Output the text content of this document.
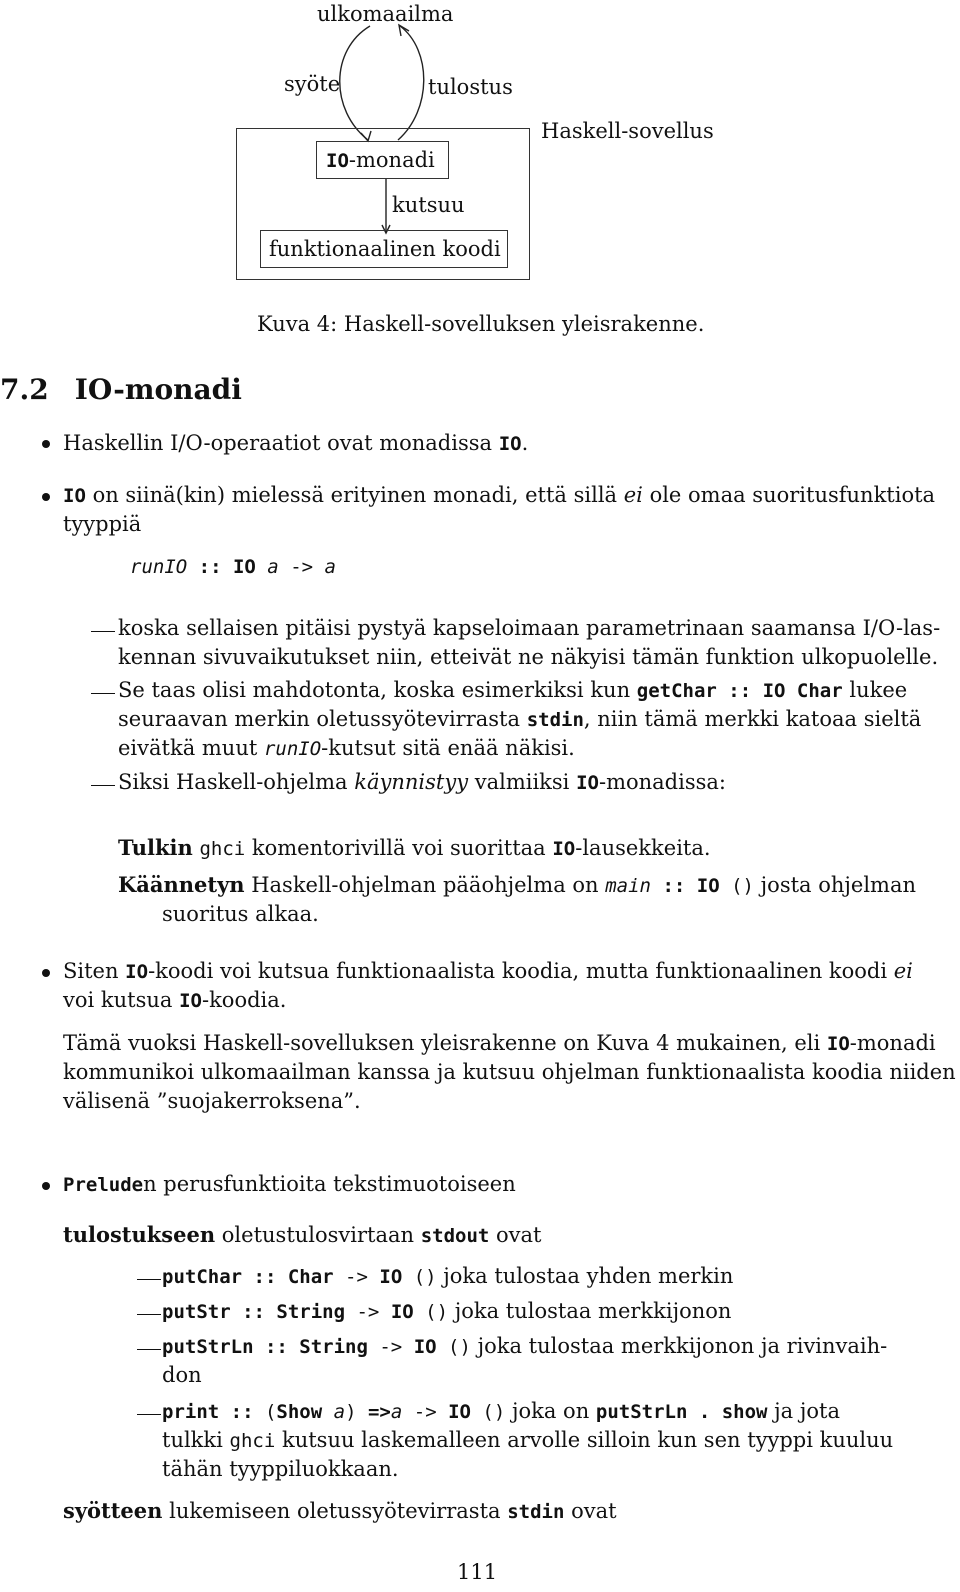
ulkomaailma
syöte	tulostus
Haskell-sovellus
IO-monadi
kutsuu
funktionaalinen koodi
Kuva 4: Haskell-sovelluksen yleisrakenne.
7.2 IO-monadi
Haskellin I/O-operaatiot ovat monadissa IO.
IO on siinä(kin) mielessä erityinen monadi, että sillä ei ole omaa suoritusfunktiota
tyyppiä
runIO :: IO a -> a
koska sellaisen pitäisi pystyä kapseloimaan parametrinaan saamansa I/O-las-
kennan sivuvaikutukset niin, etteivät ne näkyisi tämän funktion ulkopuolelle.
Se taas olisi mahdotonta, koska esimerkiksi kun getChar :: IO Char lukee
seuraavan merkin oletussyötevirrasta stdin, niin tämä merkki katoaa sieltä
eivätkä muut runIO-kutsut sitä enää näkisi.
Siksi Haskell-ohjelma käynnistyy valmiiksi IO-monadissa:
Tulkin ghci komentorivillä voi suorittaa IO-lausekkeita.
Käännetyn Haskell-ohjelman pääohjelma on main :: IO () josta ohjelman
suoritus alkaa.
Siten IO-koodi voi kutsua funktionaalista koodia, mutta funktionaalinen koodi ei
voi kutsua IO-koodia.
Tämä vuoksi Haskell-sovelluksen yleisrakenne on Kuva 4 mukainen, eli IO-monadi
kommunikoi ulkomaailman kanssa ja kutsuu ohjelman funktionaalista koodia niiden
välisenä ”suojakerroksena”.
Preluden perusfunktioita tekstimuotoiseen
tulostukseen oletustulosvirtaan stdout ovat
putChar :: Char -> IO () joka tulostaa yhden merkin
putStr :: String -> IO () joka tulostaa merkkijonon
putStrLn :: String -> IO () joka tulostaa merkkijonon ja rivinvaih-
don
print :: (Show a) =>a -> IO () joka on putStrLn . show ja jota
tulkki ghci kutsuu laskemalleen arvolle silloin kun sen tyyppi kuuluu
tähän tyyppiluokkaan.
syötteen lukemiseen oletussyötevirrasta stdin ovat
111
